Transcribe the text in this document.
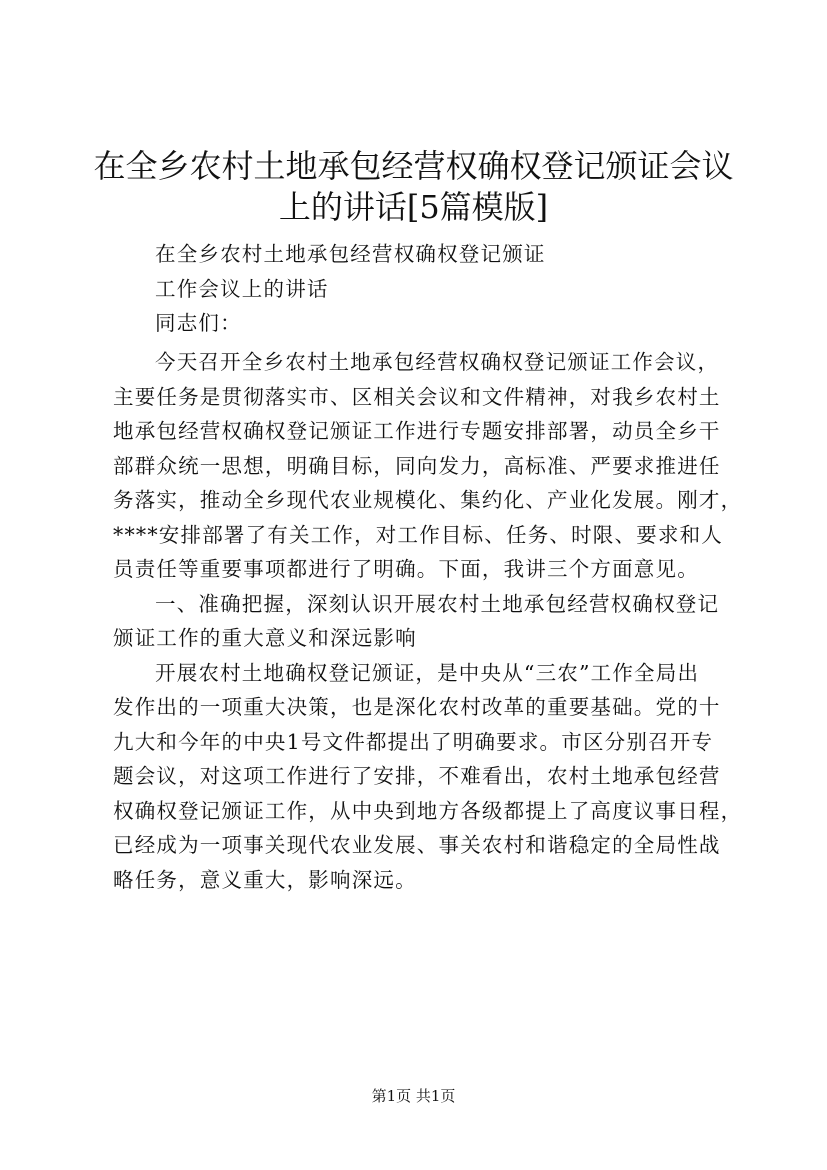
在全乡农村土地承包经营权确权登记颁证会议
上的讲话[5篇模版]
在全乡农村土地承包经营权确权登记颁证
工作会议上的讲话
同志们：
今天召开全乡农村土地承包经营权确权登记颁证工作会议，
主要任务是贯彻落实市、区相关会议和文件精神，对我乡农村土
地承包经营权确权登记颁证工作进行专题安排部署，动员全乡干
部群众统一思想，明确目标，同向发力，高标准、严要求推进任
务落实，推动全乡现代农业规模化、集约化、产业化发展。刚才，
****安排部署了有关工作，对工作目标、任务、时限、要求和人
员责任等重要事项都进行了明确。下面，我讲三个方面意见。
一、准确把握，深刻认识开展农村土地承包经营权确权登记
颁证工作的重大意义和深远影响
开展农村土地确权登记颁证，是中央从“三农”工作全局出
发作出的一项重大决策，也是深化农村改革的重要基础。党的十
九大和今年的中央1号文件都提出了明确要求。市区分别召开专
题会议，对这项工作进行了安排，不难看出，农村土地承包经营
权确权登记颁证工作，从中央到地方各级都提上了高度议事日程，
已经成为一项事关现代农业发展、事关农村和谐稳定的全局性战
略任务，意义重大，影响深远。
第1页 共1页
